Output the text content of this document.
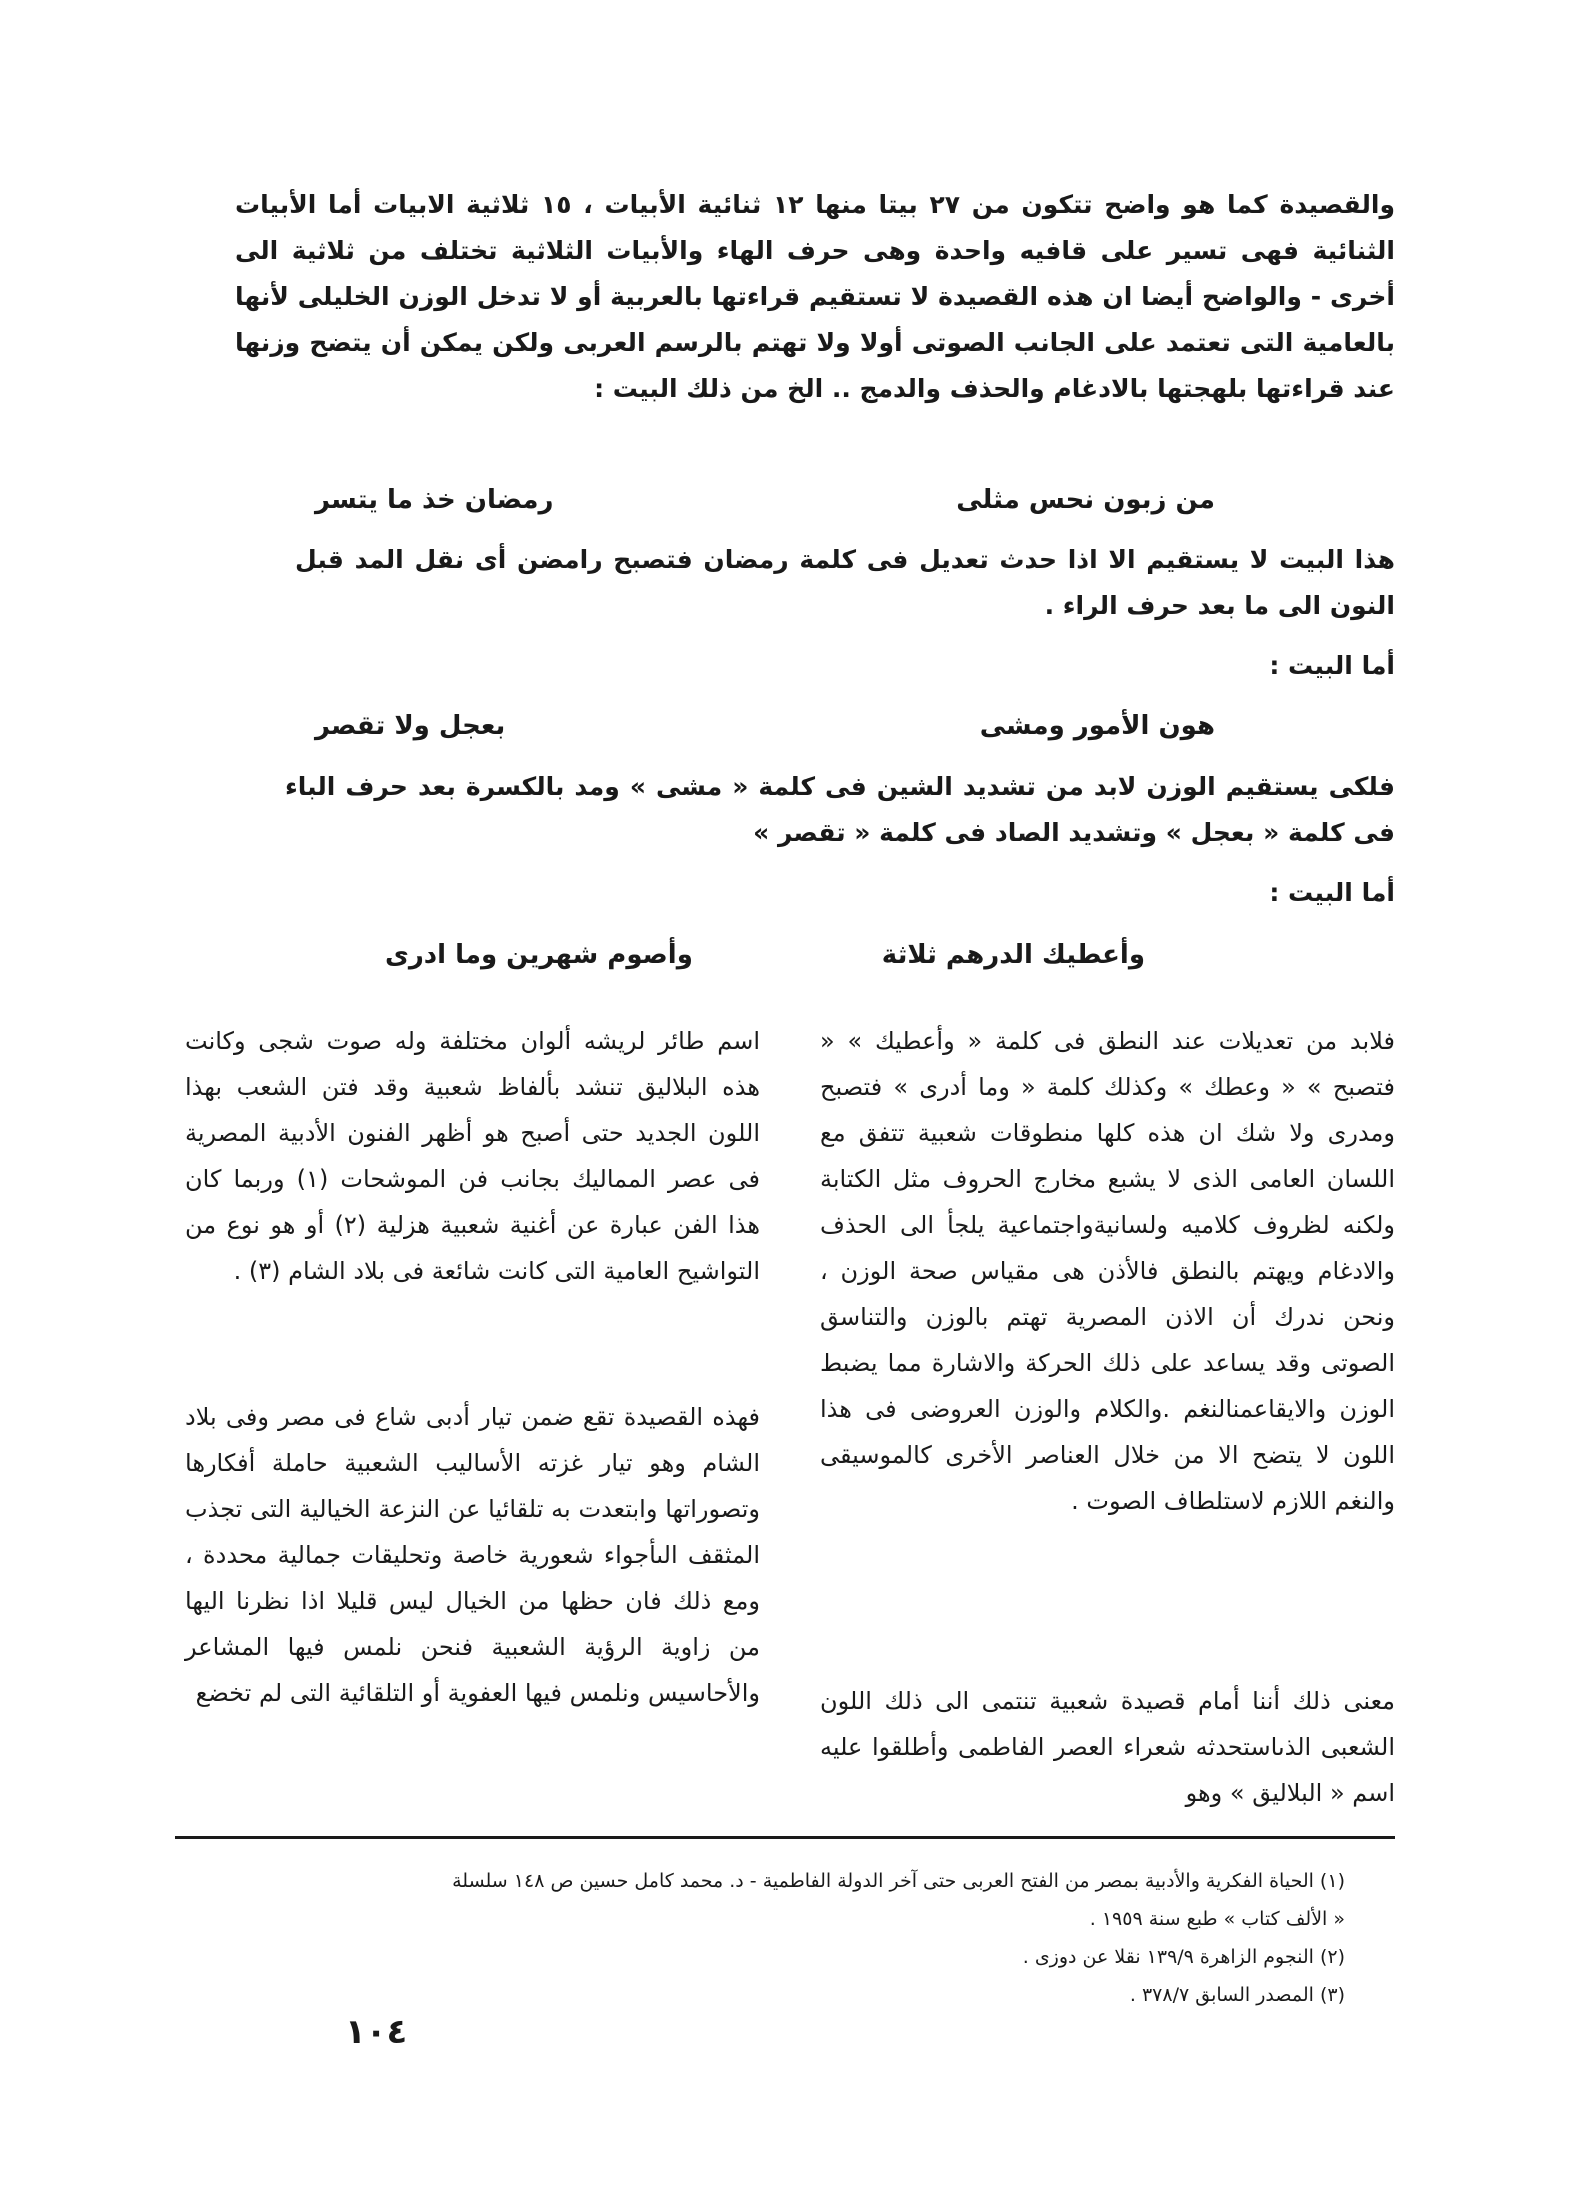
والقصيدة كما هو واضح تتكون من ٢٧ بيتا منها ١٢ ثنائية الأبيات ، ١٥ ثلاثية الابيات أما الأبيات الثنائية فهى تسير على قافيه واحدة وهى حرف الهاء والأبيات الثلاثية تختلف من ثلاثية الى أخرى - والواضح أيضا ان هذه القصيدة لا تستقيم قراءتها بالعربية أو لا تدخل الوزن الخليلى لأنها بالعامية التى تعتمد على الجانب الصوتى أولا ولا تهتم بالرسم العربى ولكن يمكن أن يتضح وزنها عند قراءتها بلهجتها بالادغام والحذف والدمج .. الخ من ذلك البيت :

من زبون نحس مثلى
رمضان خذ ما يتسر

هذا البيت لا يستقيم الا اذا حدث تعديل فى كلمة رمضان فتصبح رامضن أى نقل المد قبل النون الى ما بعد حرف الراء .

أما البيت :

هون الأمور ومشى
بعجل ولا تقصر

فلكى يستقيم الوزن لابد من تشديد الشين فى كلمة « مشى » ومد بالكسرة بعد حرف الباء فى كلمة « بعجل » وتشديد الصاد فى كلمة « تقصر »

أما البيت :

وأعطيك الدرهم ثلاثة
وأصوم شهرين وما ادرى

فلابد من تعديلات عند النطق فى كلمة « وأعطيك » « فتصبح » « وعطك » وكذلك كلمة « وما أدرى » فتصبح ومدرى ولا شك ان هذه كلها منطوقات شعبية تتفق مع اللسان العامى الذى لا يشبع مخارج الحروف مثل الكتابة ولكنه لظروف كلاميه ولسانيةواجتماعية يلجأ الى الحذف والادغام ويهتم بالنطق فالأذن هى مقياس صحة الوزن ، ونحن ندرك أن الاذن المصرية تهتم بالوزن والتناسق الصوتى وقد يساعد على ذلك الحركة والاشارة مما يضبط الوزن والايقاعمنالنغم .والكلام والوزن العروضى فى هذا اللون لا يتضح الا من خلال العناصر الأخرى كالموسيقى والنغم اللازم لاستلطاف الصوت .

معنى ذلك أننا أمام قصيدة شعبية تنتمى الى ذلك اللون الشعبى الذىاستحدثه شعراء العصر الفاطمى وأطلقوا عليه اسم « البلاليق » وهو

اسم طائر لريشه ألوان مختلفة وله صوت شجى وكانت هذه البلاليق تنشد بألفاظ شعبية وقد فتن الشعب بهذا اللون الجديد حتى أصبح هو أظهر الفنون الأدبية المصرية فى عصر المماليك بجانب فن الموشحات (١) وربما كان هذا الفن عبارة عن أغنية شعبية هزلية (٢) أو هو نوع من التواشيح العامية التى كانت شائعة فى بلاد الشام (٣) .

فهذه القصيدة تقع ضمن تيار أدبى شاع فى مصر وفى بلاد الشام وهو تيار غزته الأساليب الشعبية حاملة أفكارها وتصوراتها وابتعدت به تلقائيا عن النزعة الخيالية التى تجذب المثقف الىأجواء شعورية خاصة وتحليقات جمالية محددة ، ومع ذلك فان حظها من الخيال ليس قليلا اذا نظرنا اليها من زاوية الرؤية الشعبية فنحن نلمس فيها المشاعر والأحاسيس ونلمس فيها العفوية أو التلقائية التى لم تخضع

(١) الحياة الفكرية والأدبية بمصر من الفتح العربى حتى آخر الدولة الفاطمية - د. محمد كامل حسين ص ١٤٨ سلسلة
« الألف كتاب » طبع سنة ١٩٥٩ .
(٢) النجوم الزاهرة ١٣٩/٩ نقلا عن دوزى .
(٣) المصدر السابق ٣٧٨/٧ .
١٠٤
